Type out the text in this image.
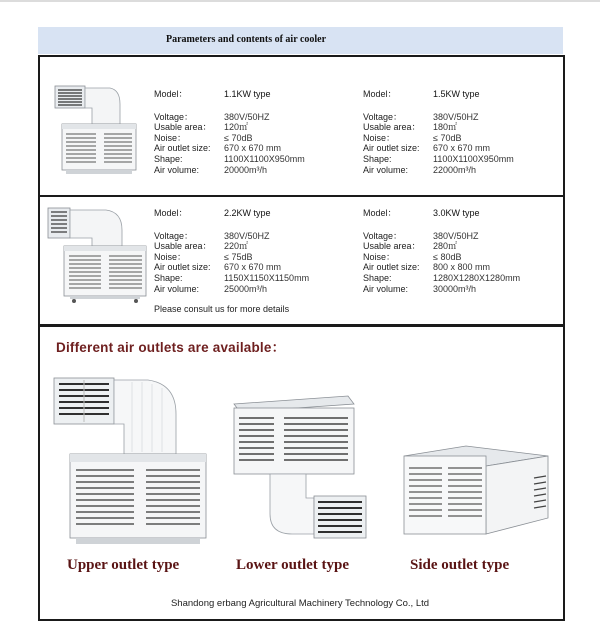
Parameters and contents of air cooler
Model：	1.1KW type
Voltage：	380V/50HZ
Usable area：	120㎡
Noise：	≤ 70dB
Air outlet size:	670 x 670 mm
Shape:	1100X1100X950mm
Air volume:	20000m³/h
Model：	1.5KW type
Voltage：	380V/50HZ
Usable area：	180㎡
Noise：	≤ 70dB
Air outlet size:	670 x 670 mm
Shape:	1100X1100X950mm
Air volume:	22000m³/h
Model：	2.2KW type
Voltage：	380V/50HZ
Usable area：	220㎡
Noise：	≤ 75dB
Air outlet size:	670 x 670 mm
Shape:	1150X1150X1150mm
Air volume:	25000m³/h
Model：	3.0KW type
Voltage：	380V/50HZ
Usable area：	280㎡
Noise：	≤ 80dB
Air outlet size:	800 x 800 mm
Shape:	1280X1280X1280mm
Air volume:	30000m³/h
Please consult us for more details
Different air outlets are available：
Upper outlet type	Lower outlet type	Side outlet type
Shandong erbang Agricultural Machinery Technology Co., Ltd
